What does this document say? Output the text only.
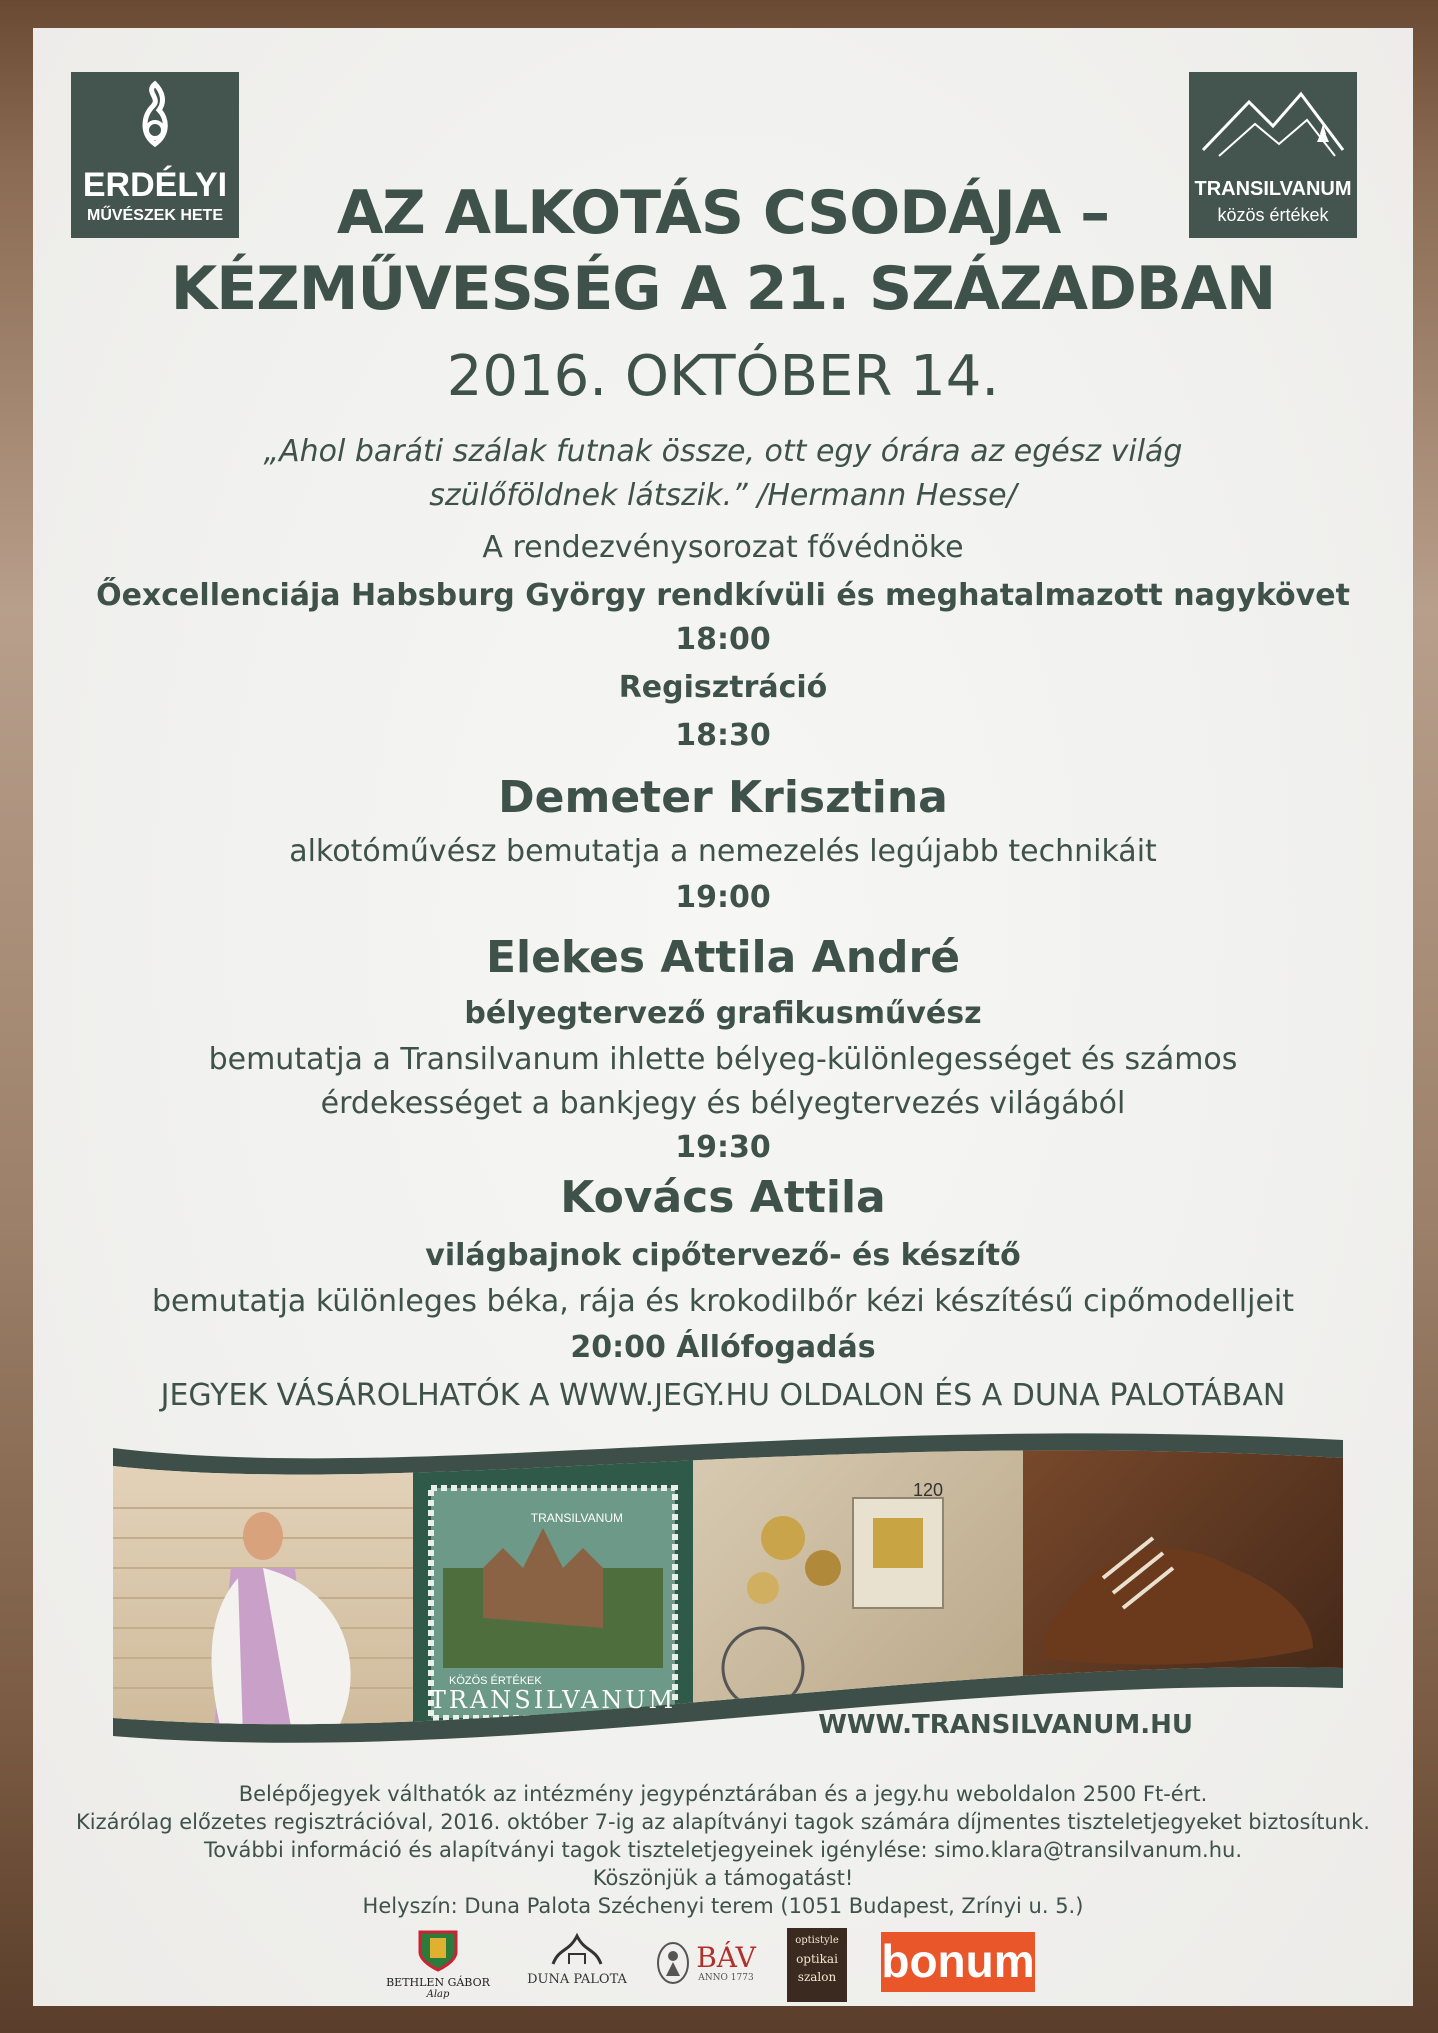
ERDÉLYI
MŰVÉSZEK HETE
TRANSILVANUM
közös értékek
AZ ALKOTÁS CSODÁJA –
KÉZMŰVESSÉG A 21. SZÁZADBAN
2016. OKTÓBER 14.
„Ahol baráti szálak futnak össze, ott egy órára az egész világ
szülőföldnek látszik.” /Hermann Hesse/
A rendezvénysorozat fővédnöke
Őexcellenciája Habsburg György rendkívüli és meghatalmazott nagykövet
18:00
Regisztráció
18:30
Demeter Krisztina
alkotóművész bemutatja a nemezelés legújabb technikáit
19:00
Elekes Attila André
bélyegtervező grafikusművész
bemutatja a Transilvanum ihlette bélyeg-különlegességet és számos
érdekességet a bankjegy és bélyegtervezés világából
19:30
Kovács Attila
világbajnok cipőtervező- és készítő
bemutatja különleges béka, rája és krokodilbőr kézi készítésű cipőmodelljeit
20:00 Állófogadás
JEGYEK VÁSÁROLHATÓK A WWW.JEGY.HU OLDALON ÉS A DUNA PALOTÁBAN
TRANSILVANUM
KÖZÖS ÉRTÉKEK
TRANSILVANUM
120
WWW.TRANSILVANUM.HU
Belépőjegyek válthatók az intézmény jegypénztárában és a jegy.hu weboldalon 2500 Ft-ért.
Kizárólag előzetes regisztrációval, 2016. október 7-ig az alapítványi tagok számára díjmentes tiszteletjegyeket biztosítunk.
További információ és alapítványi tagok tiszteletjegyeinek igénylése: simo.klara@transilvanum.hu.
Köszönjük a támogatást!
Helyszín: Duna Palota Széchenyi terem (1051 Budapest, Zrínyi u. 5.)
BETHLEN GÁBOR
Alap
DUNA PALOTA
BÁV
ANNO 1773
optistyle
optikai
szalon bonum
